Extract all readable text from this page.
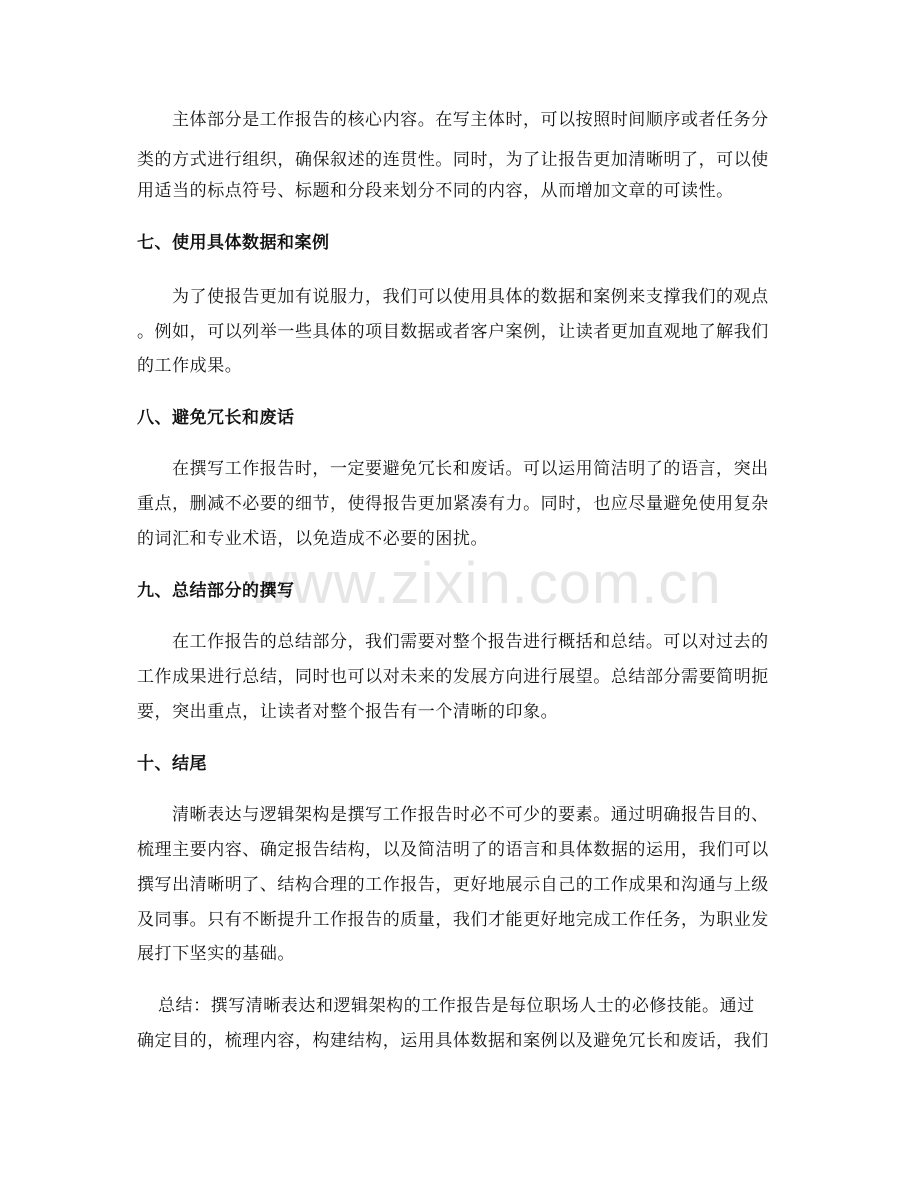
www.zixin.com.cn
主体部分是工作报告的核心内容。在写主体时，可以按照时间顺序或者任务分
类的方式进行组织，确保叙述的连贯性。同时，为了让报告更加清晰明了，可以使
用适当的标点符号、标题和分段来划分不同的内容，从而增加文章的可读性。
七、使用具体数据和案例
为了使报告更加有说服力，我们可以使用具体的数据和案例来支撑我们的观点
。例如，可以列举一些具体的项目数据或者客户案例，让读者更加直观地了解我们
的工作成果。
八、避免冗长和废话
在撰写工作报告时，一定要避免冗长和废话。可以运用简洁明了的语言，突出
重点，删减不必要的细节，使得报告更加紧凑有力。同时，也应尽量避免使用复杂
的词汇和专业术语，以免造成不必要的困扰。
九、总结部分的撰写
在工作报告的总结部分，我们需要对整个报告进行概括和总结。可以对过去的
工作成果进行总结，同时也可以对未来的发展方向进行展望。总结部分需要简明扼
要，突出重点，让读者对整个报告有一个清晰的印象。
十、结尾
清晰表达与逻辑架构是撰写工作报告时必不可少的要素。通过明确报告目的、
梳理主要内容、确定报告结构，以及简洁明了的语言和具体数据的运用，我们可以
撰写出清晰明了、结构合理的工作报告，更好地展示自己的工作成果和沟通与上级
及同事。只有不断提升工作报告的质量，我们才能更好地完成工作任务，为职业发
展打下坚实的基础。
总结：撰写清晰表达和逻辑架构的工作报告是每位职场人士的必修技能。通过
确定目的，梳理内容，构建结构，运用具体数据和案例以及避免冗长和废话，我们
